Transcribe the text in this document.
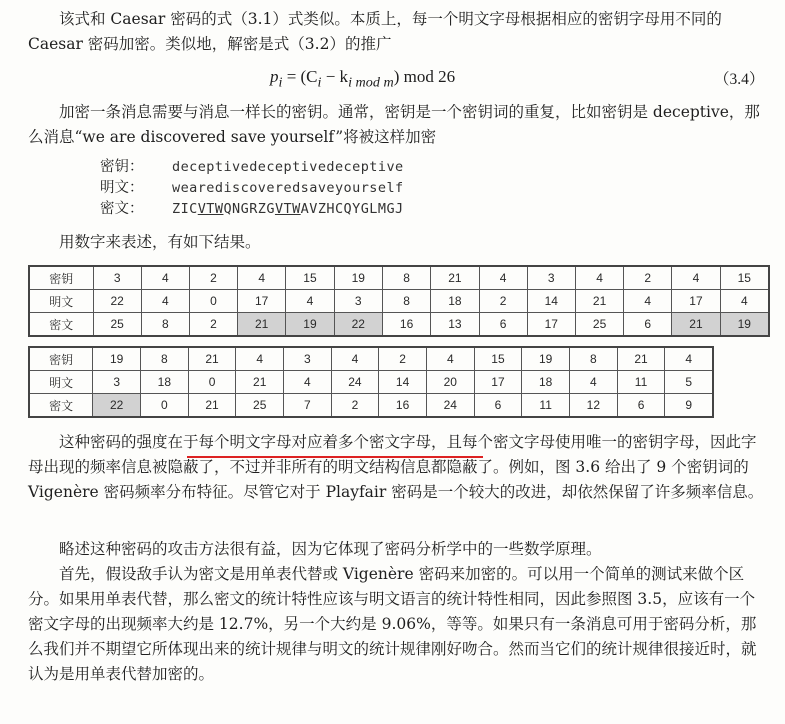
该式和 Caesar 密码的式（3.1）式类似。本质上，每一个明文字母根据相应的密钥字母用不同的 Caesar 密码加密。类似地，解密是式（3.2）的推广

$p_i = (C_i - k_{i mod m})$ mod 26	（3.4）

加密一条消息需要与消息一样长的密钥。通常，密钥是一个密钥词的重复，比如密钥是 deceptive，那么消息“we are discovered save yourself”将被这样加密

密钥：	deceptivedeceptivedeceptive
明文：	wearediscoveredsaveyourself
密文：	ZICVTWQNGRZGVTWAVZHCQYGLMGJ

用数字来表述，有如下结果。

密钥	3	4	2	4	15	19	8	21	4	3	4	2	4	15
明文	22	4	0	17	4	3	8	18	2	14	21	4	17	4
密文	25	8	2	21	19	22	16	13	6	17	25	6	21	19
密钥	19	8	21	4	3	4	2	4	15	19	8	21	4
明文	3	18	0	21	4	24	14	20	17	18	4	11	5
密文	22	0	21	25	7	2	16	24	6	11	12	6	9

这种密码的强度在于每个明文字母对应着多个密文字母，且每个密文字母使用唯一的密钥字母，因此字母出现的频率信息被隐蔽了，不过并非所有的明文结构信息都隐蔽了。例如，图 3.6 给出了 9 个密钥词的 Vigenère 密码频率分布特征。尽管它对于 Playfair 密码是一个较大的改进，却依然保留了许多频率信息。

略述这种密码的攻击方法很有益，因为它体现了密码分析学中的一些数学原理。

首先，假设敌手认为密文是用单表代替或 Vigenère 密码来加密的。可以用一个简单的测试来做个区分。如果用单表代替，那么密文的统计特性应该与明文语言的统计特性相同，因此参照图 3.5，应该有一个密文字母的出现频率大约是 12.7%，另一个大约是 9.06%，等等。如果只有一条消息可用于密码分析，那么我们并不期望它所体现出来的统计规律与明文的统计规律刚好吻合。然而当它们的统计规律很接近时，就认为是用单表代替加密的。
